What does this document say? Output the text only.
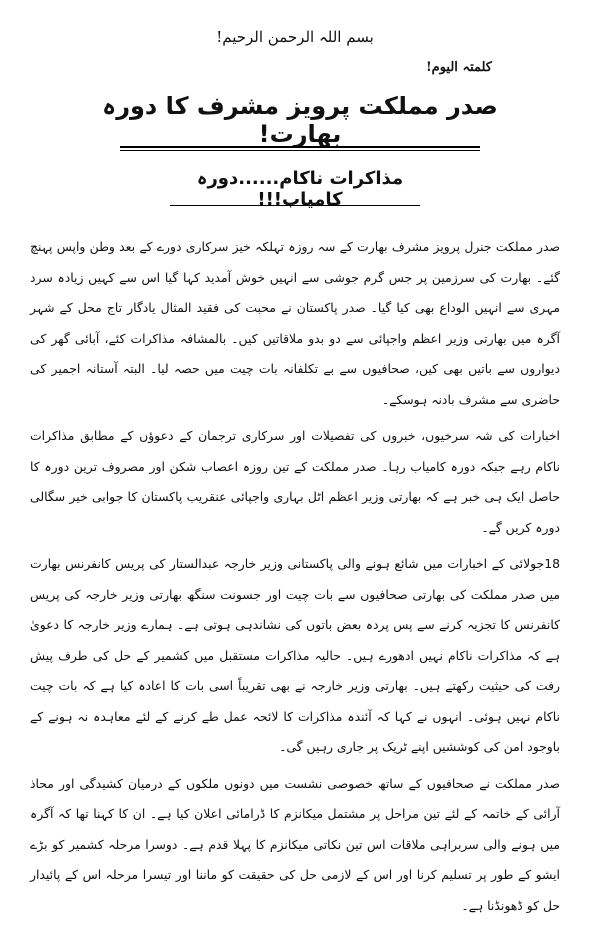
بسم اللہ الرحمن الرحیم!
کلمتہ الیوم!
صدر مملکت پرویز مشرف کا دورہ بھارت!
مذاکرات ناکام......دورہ کامیاب!!!

صدر مملکت جنرل پرویز مشرف بھارت کے سہ روزہ تہلکہ خیز سرکاری دورے کے بعد وطن واپس پہنچ گئے۔ بھارت کی سرزمین پر جس گرم جوشی سے انہیں خوش آمدید کہا گیا اس سے کہیں زیادہ سرد مہری سے انہیں الوداع بھی کیا گیا۔ صدر پاکستان نے محبت کی فقید المثال یادگار تاج محل کے شہر آگرہ میں بھارتی وزیر اعظم واجپائی سے دو بدو ملاقاتیں کیں۔ بالمشافہ مذاکرات کئے، آبائی گھر کی دیواروں سے باتیں بھی کیں، صحافیوں سے بے تکلفانہ بات چیت میں حصہ لیا۔ البتہ آستانہ اجمیر کی حاضری سے مشرف بادنہ ہوسکے۔

اخبارات کی شہ سرخیوں، خبروں کی تفصیلات اور سرکاری ترجمان کے دعوؤں کے مطابق مذاکرات ناکام رہے جبکہ دورہ کامیاب رہا۔ صدر مملکت کے تین روزہ اعصاب شکن اور مصروف ترین دورہ کا حاصل ایک ہی خبر ہے کہ بھارتی وزیر اعظم اٹل بہاری واجپائی عنقریب پاکستان کا جوابی خیر سگالی دورہ کریں گے۔

18جولائی کے اخبارات میں شائع ہونے والی پاکستانی وزیر خارجہ عبدالستار کی پریس کانفرنس بھارت میں صدر مملکت کی بھارتی صحافیوں سے بات چیت اور جسونت سنگھ بھارتی وزیر خارجہ کی پریس کانفرنس کا تجزیہ کرنے سے پس پردہ بعض باتوں کی نشاندہی ہوتی ہے۔ ہمارے وزیر خارجہ کا دعویٰ ہے کہ مذاکرات ناکام نہیں ادھورے ہیں۔ حالیہ مذاکرات مستقبل میں کشمیر کے حل کی طرف پیش رفت کی حیثیت رکھتے ہیں۔ بھارتی وزیر خارجہ نے بھی تقریباً اسی بات کا اعادہ کیا ہے کہ بات چیت ناکام نہیں ہوئی۔ انہوں نے کہا کہ آئندہ مذاکرات کا لائحہ عمل طے کرنے کے لئے معاہدہ نہ ہونے کے باوجود امن کی کوششیں اپنے ٹریک پر جاری رہیں گی۔

صدر مملکت نے صحافیوں کے ساتھ خصوصی نشست میں دونوں ملکوں کے درمیان کشیدگی اور محاذ آرائی کے خاتمہ کے لئے تین مراحل پر مشتمل میکانزم کا ڈرامائی اعلان کیا ہے۔ ان کا کہنا تھا کہ آگرہ میں ہونے والی سربراہی ملاقات اس تین نکاتی میکانزم کا پہلا قدم ہے۔ دوسرا مرحلہ کشمیر کو بڑے ایشو کے طور پر تسلیم کرنا اور اس کے لازمی حل کی حقیقت کو ماننا اور تیسرا مرحلہ اس کے پائیدار حل کو ڈھونڈنا ہے۔
